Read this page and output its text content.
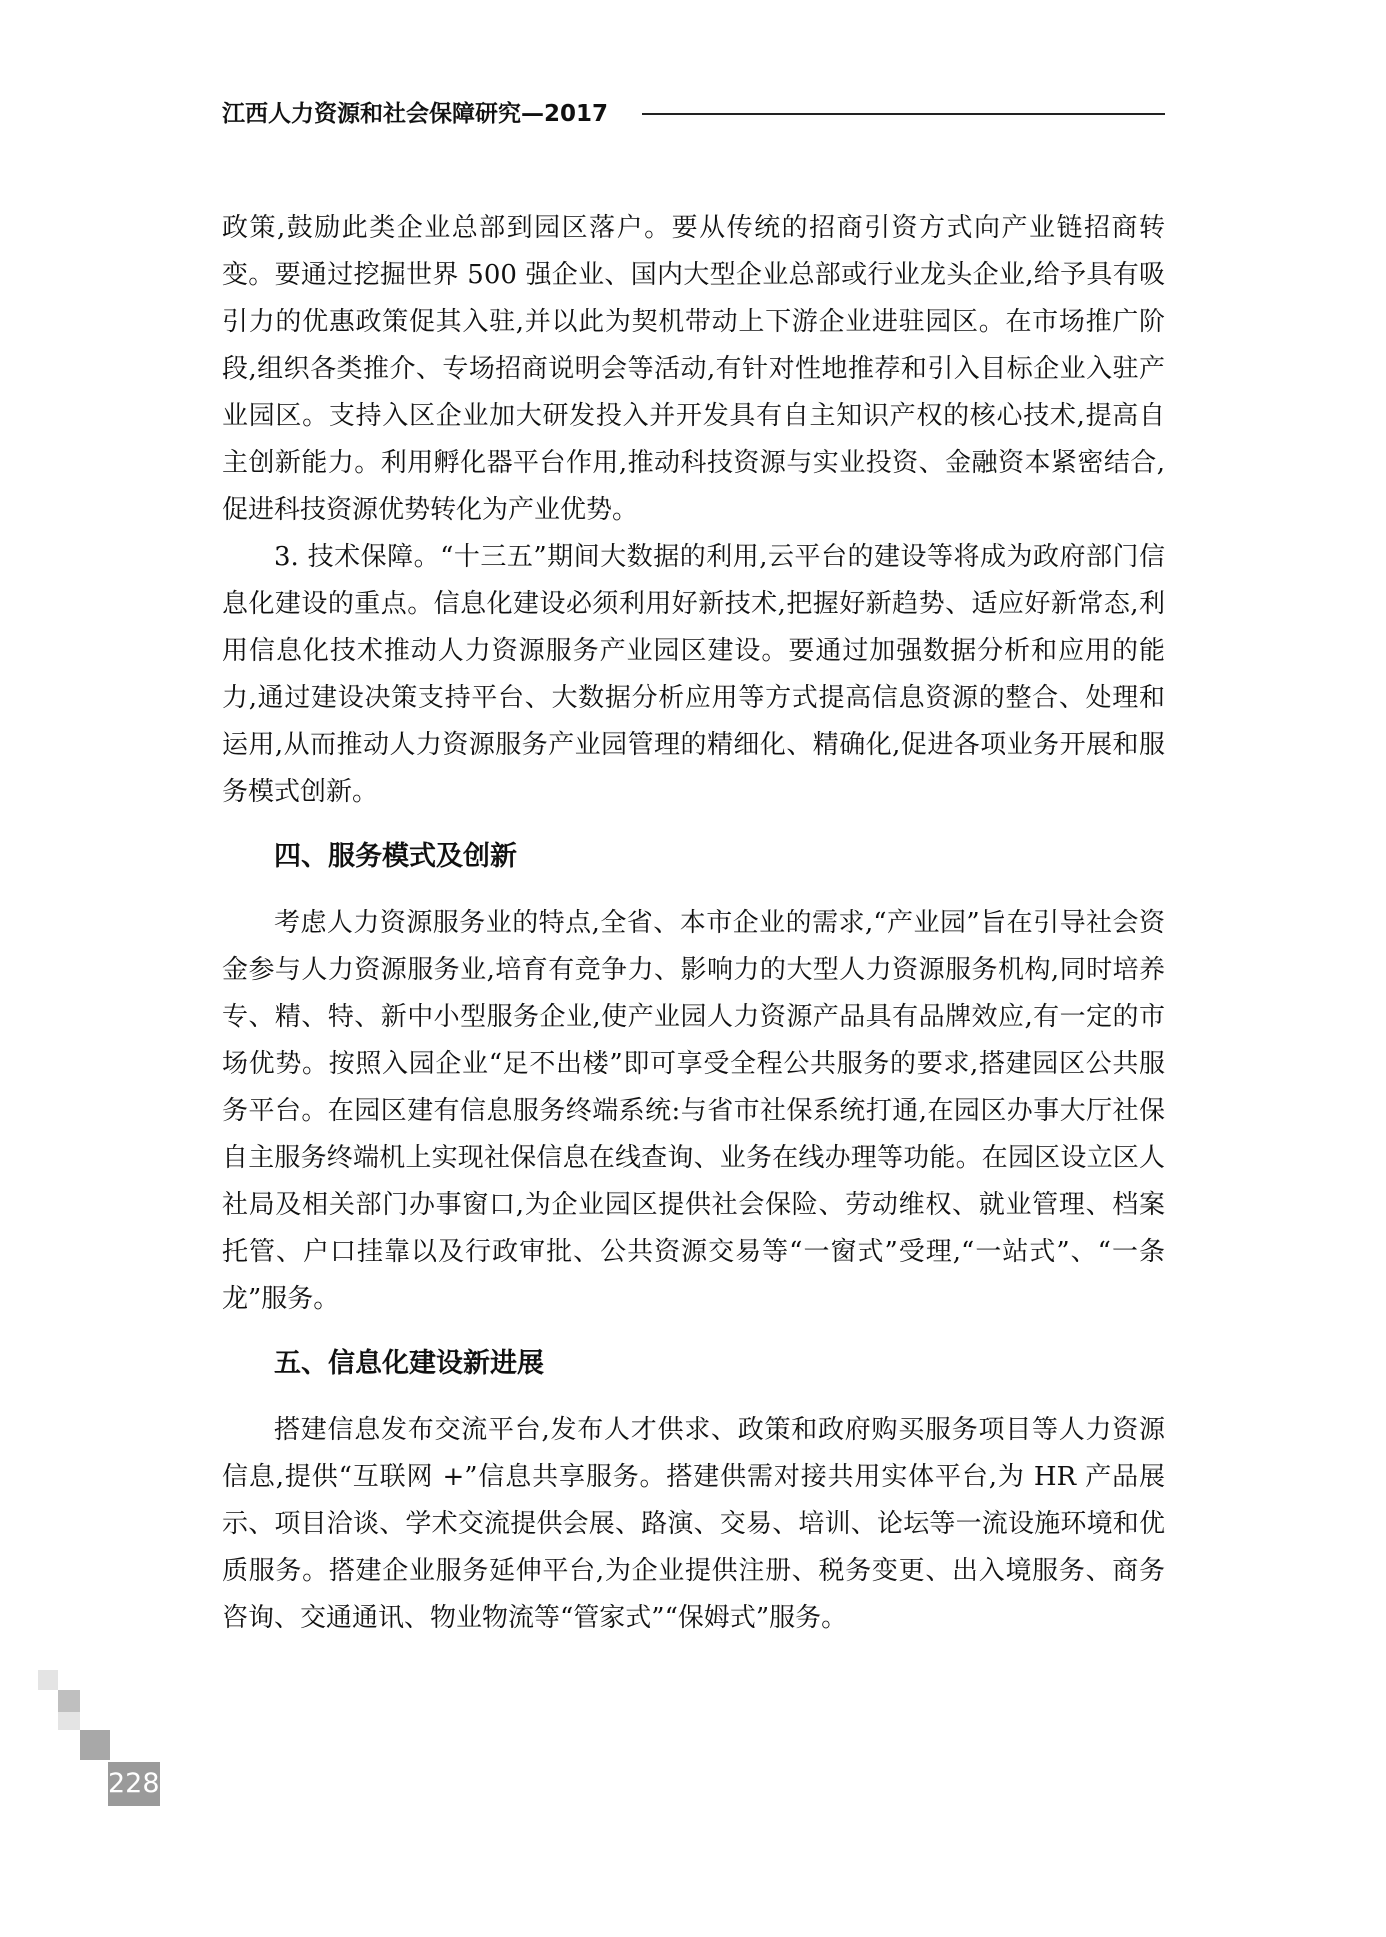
江西人力资源和社会保障研究—2017

政策,鼓励此类企业总部到园区落户。要从传统的招商引资方式向产业链招商转变。要通过挖掘世界 500 强企业、国内大型企业总部或行业龙头企业,给予具有吸引力的优惠政策促其入驻,并以此为契机带动上下游企业进驻园区。在市场推广阶段,组织各类推介、专场招商说明会等活动,有针对性地推荐和引入目标企业入驻产业园区。支持入区企业加大研发投入并开发具有自主知识产权的核心技术,提高自主创新能力。利用孵化器平台作用,推动科技资源与实业投资、金融资本紧密结合,促进科技资源优势转化为产业优势。

3. 技术保障。“十三五”期间大数据的利用,云平台的建设等将成为政府部门信息化建设的重点。信息化建设必须利用好新技术,把握好新趋势、适应好新常态,利用信息化技术推动人力资源服务产业园区建设。要通过加强数据分析和应用的能力,通过建设决策支持平台、大数据分析应用等方式提高信息资源的整合、处理和运用,从而推动人力资源服务产业园管理的精细化、精确化,促进各项业务开展和服务模式创新。

四、服务模式及创新

考虑人力资源服务业的特点,全省、本市企业的需求,“产业园”旨在引导社会资金参与人力资源服务业,培育有竞争力、影响力的大型人力资源服务机构,同时培养专、精、特、新中小型服务企业,使产业园人力资源产品具有品牌效应,有一定的市场优势。按照入园企业“足不出楼”即可享受全程公共服务的要求,搭建园区公共服务平台。在园区建有信息服务终端系统:与省市社保系统打通,在园区办事大厅社保自主服务终端机上实现社保信息在线查询、业务在线办理等功能。在园区设立区人社局及相关部门办事窗口,为企业园区提供社会保险、劳动维权、就业管理、档案托管、户口挂靠以及行政审批、公共资源交易等“一窗式”受理,“一站式”、“一条龙”服务。

五、信息化建设新进展

搭建信息发布交流平台,发布人才供求、政策和政府购买服务项目等人力资源信息,提供“互联网 +”信息共享服务。搭建供需对接共用实体平台,为 HR 产品展示、项目洽谈、学术交流提供会展、路演、交易、培训、论坛等一流设施环境和优质服务。搭建企业服务延伸平台,为企业提供注册、税务变更、出入境服务、商务咨询、交通通讯、物业物流等“管家式”“保姆式”服务。

228
